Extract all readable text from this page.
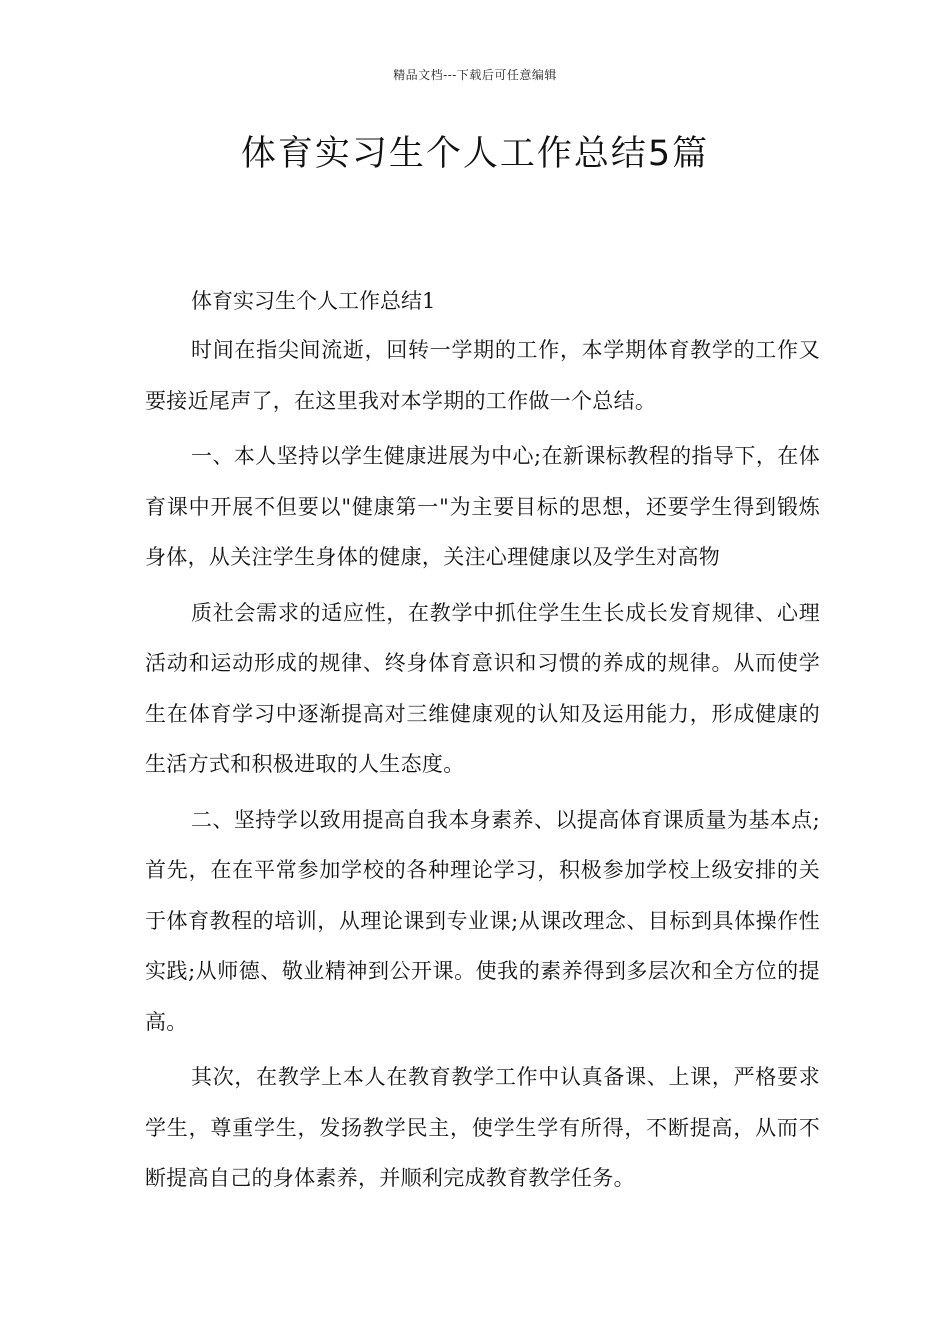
精品文档---下载后可任意编辑
体育实习生个人工作总结5篇

体育实习生个人工作总结1

时间在指尖间流逝，回转一学期的工作，本学期体育教学的工作又要接近尾声了，在这里我对本学期的工作做一个总结。

一、本人坚持以学生健康进展为中心;在新课标教程的指导下，在体育课中开展不但要以"健康第一"为主要目标的思想，还要学生得到锻炼身体，从关注学生身体的健康，关注心理健康以及学生对高物

质社会需求的适应性，在教学中抓住学生生长成长发育规律、心理活动和运动形成的规律、终身体育意识和习惯的养成的规律。从而使学生在体育学习中逐渐提高对三维健康观的认知及运用能力，形成健康的生活方式和积极进取的人生态度。

二、坚持学以致用提高自我本身素养、以提高体育课质量为基本点;首先，在在平常参加学校的各种理论学习，积极参加学校上级安排的关于体育教程的培训，从理论课到专业课;从课改理念、目标到具体操作性实践;从师德、敬业精神到公开课。使我的素养得到多层次和全方位的提高。

其次，在教学上本人在教育教学工作中认真备课、上课，严格要求学生，尊重学生，发扬教学民主，使学生学有所得，不断提高，从而不断提高自己的身体素养，并顺利完成教育教学任务。
